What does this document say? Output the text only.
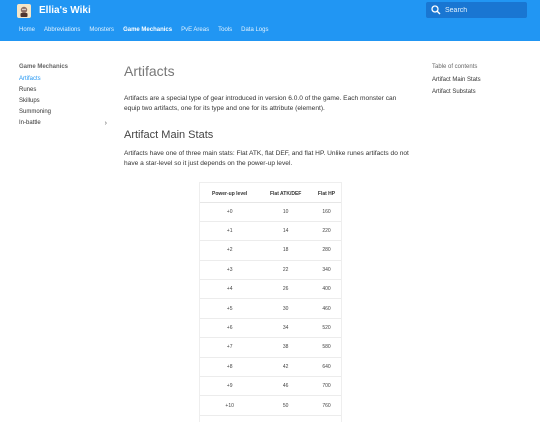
Ellia's Wiki
Search
Home Abbreviations Monsters Game Mechanics PvE Areas Tools Data Logs
Game Mechanics
Artifacts
Runes
Skillups
Summoning
In-battle	›
Table of contents
Artifact Main Stats
Artifact Substats
Artifacts

Artifacts are a special type of gear introduced in version 6.0.0 of the game. Each monster can equip two artifacts, one for its type and one for its attribute (element).

Artifact Main Stats

Artifacts have one of three main stats: Flat ATK, flat DEF, and flat HP. Unlike runes artifacts do not have a star-level so it just depends on the power-up level.

Power-up level	Flat ATK/DEF	Flat HP
+0	10	160
+1	14	220
+2	18	280
+3	22	340
+4	26	400
+5	30	460
+6	34	520
+7	38	580
+8	42	640
+9	46	700
+10	50	760
